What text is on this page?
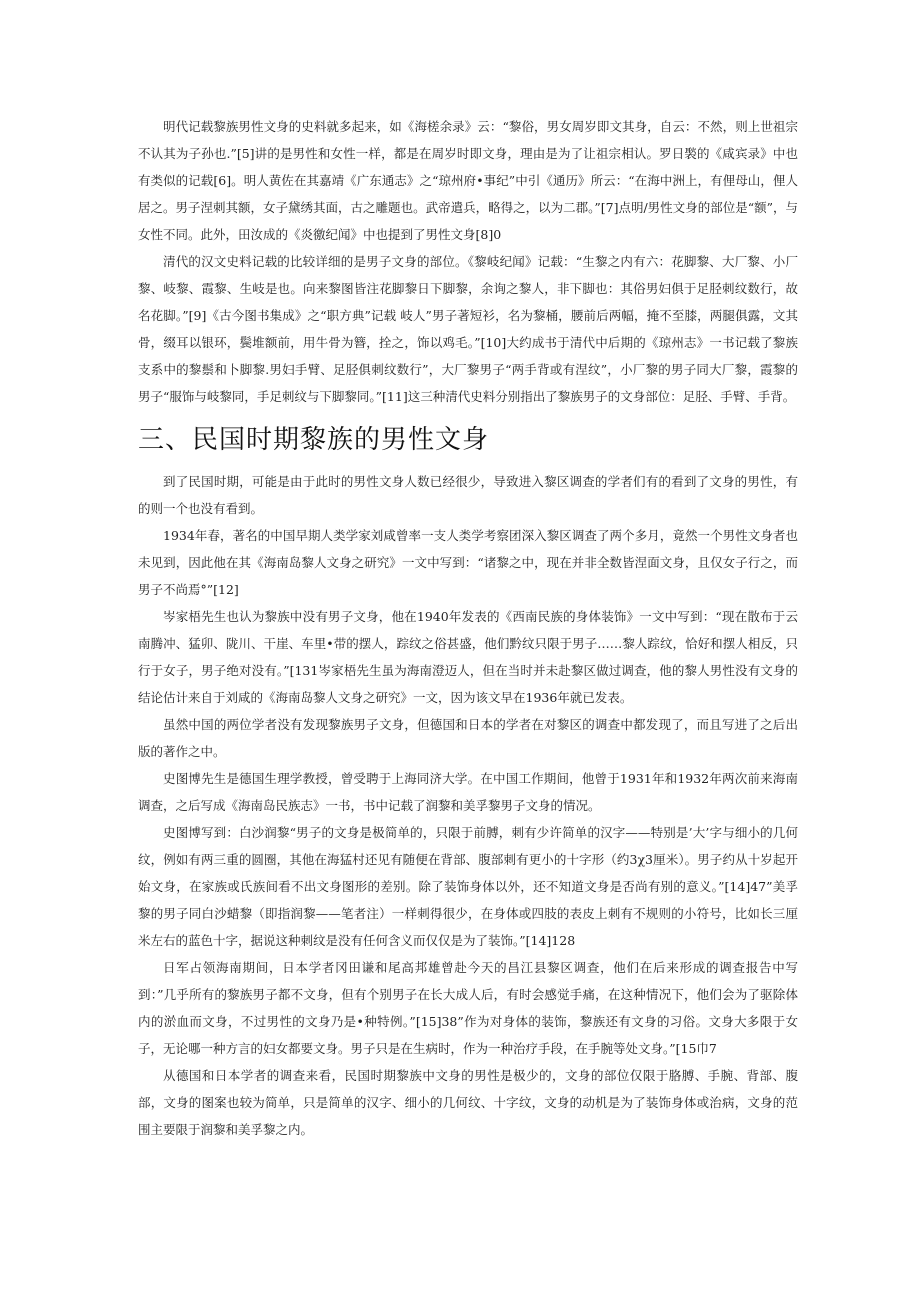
明代记载黎族男性文身的史料就多起来，如《海槎余录》云：“黎俗，男女周岁即文其身，自云：不然，则上世祖宗不认其为子孙也.”[5]讲的是男性和女性一样，都是在周岁时即文身，理由是为了让祖宗相认。罗日褧的《咸宾录》中也有类似的记载[6]。明人黄佐在其嘉靖《广东通志》之“琼州府•事纪”中引《通历》所云：“在海中洲上，有俚母山，俚人居之。男子涅刺其额，女子黛绣其面，古之雕题也。武帝遣兵，略得之，以为二郡。”[7]点明/男性文身的部位是“额”，与女性不同。此外，田汝成的《炎徼纪闻》中也提到了男性文身[8]0

清代的汉文史料记载的比较详细的是男子文身的部位。《黎岐纪闻》记载：“生黎之内有六：花脚黎、大厂黎、小厂黎、岐黎、霞黎、生岐是也。向来黎图皆注花脚黎日下脚黎，余询之黎人，非下脚也：其俗男妇俱于足胫刺纹数行，故名花脚。”[9]《古今图书集成》之“职方典”记载 岐人”男子著短衫，名为黎桶，腰前后两幅，掩不至膝，两腿俱露，文其骨，缀耳以银环，鬓堆额前，用牛骨为簪，拴之，饰以鸡毛。”[10]大约成书于清代中后期的《琼州志》一书记载了黎族支系中的黎鬃和卜脚黎.男妇手臂、足胫俱刺纹数行”，大厂黎男子“两手背或有涅纹”，小厂黎的男子同大厂黎，霞黎的男子“服饰与岐黎同，手足刺纹与下脚黎同。”[11]这三种清代史料分别指出了黎族男子的文身部位：足胫、手臂、手背。

三、民国时期黎族的男性文身

到了民国时期，可能是由于此时的男性文身人数已经很少，导致进入黎区调查的学者们有的看到了文身的男性，有的则一个也没有看到。

1934年春，著名的中国早期人类学家刘咸曾率一支人类学考察团深入黎区调查了两个多月，竟然一个男性文身者也未见到，因此他在其《海南岛黎人文身之研究》一文中写到：“诸黎之中，现在并非全数皆涅面文身，且仅女子行之，而男子不尚焉°”[12]

岑家梧先生也认为黎族中没有男子文身，他在1940年发表的《西南民族的身体装饰》一文中写到：“现在散布于云南腾冲、猛卯、陇川、干崖、车里•带的摆人，踪纹之俗甚盛，他们黔纹只限于男子……黎人踪纹，恰好和摆人相反，只行于女子，男子绝对没有。”[131岑家梧先生虽为海南澄迈人，但在当时并未赴黎区做过调查，他的黎人男性没有文身的结论估计来自于刘咸的《海南岛黎人文身之研究》一文，因为该文早在1936年就已发表。

虽然中国的两位学者没有发现黎族男子文身，但德国和日本的学者在对黎区的调查中都发现了，而且写进了之后出版的著作之中。

史图博先生是德国生理学教授，曾受聘于上海同济大学。在中国工作期间，他曾于1931年和1932年两次前来海南调查，之后写成《海南岛民族志》一书，书中记载了润黎和美孚黎男子文身的情况。

史图博写到：白沙润黎“男子的文身是极简单的，只限于前膊，刺有少许简单的汉字——特别是’大’字与细小的几何纹，例如有两三重的圆圈，其他在海猛村还见有随便在背部、腹部刺有更小的十字形（约3χ3厘米）。男子约从十岁起开始文身，在家族或氏族间看不出文身图形的差别。除了装饰身体以外，还不知道文身是否尚有别的意义。”[14]47”美孚黎的男子同白沙蜡黎（即指润黎——笔者注）一样刺得很少，在身体或四肢的表皮上刺有不规则的小符号，比如长三厘米左右的蓝色十字，据说这种刺纹是没有任何含义而仅仅是为了装饰。”[14]128

日军占领海南期间，日本学者冈田谦和尾高邦雄曾赴今天的昌江县黎区调查，他们在后来形成的调查报告中写到：”几乎所有的黎族男子都不文身，但有个别男子在长大成人后，有时会感觉手痛，在这种情况下，他们会为了驱除体内的淤血而文身，不过男性的文身乃是•种特例。”[15]38”作为对身体的装饰，黎族还有文身的习俗。文身大多限于女子，无论哪一种方言的妇女都要文身。男子只是在生病时，作为一种治疗手段，在手腕等处文身。”[15巾7

从德国和日本学者的调查来看，民国时期黎族中文身的男性是极少的，文身的部位仅限于胳膊、手腕、背部、腹部，文身的图案也较为简单，只是简单的汉字、细小的几何纹、十字纹，文身的动机是为了装饰身体或治病，文身的范围主要限于润黎和美孚黎之内。
